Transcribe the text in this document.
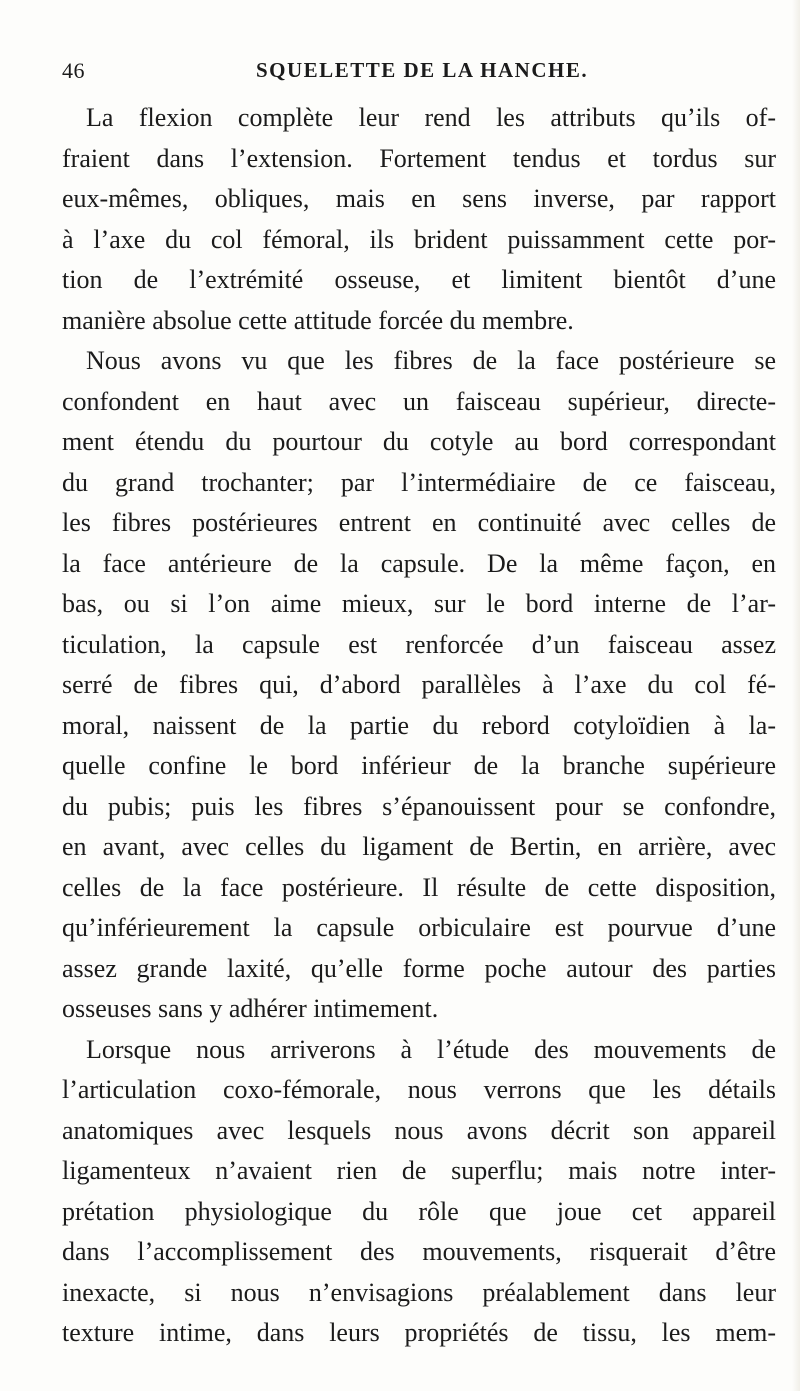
46	SQUELETTE DE LA HANCHE.
La flexion complète leur rend les attributs qu’ils of-
fraient dans l’extension. Fortement tendus et tordus sur
eux-mêmes, obliques, mais en sens inverse, par rapport
à l’axe du col fémoral, ils brident puissamment cette por-
tion de l’extrémité osseuse, et limitent bientôt d’une
manière absolue cette attitude forcée du membre.
Nous avons vu que les fibres de la face postérieure se
confondent en haut avec un faisceau supérieur, directe-
ment étendu du pourtour du cotyle au bord correspondant
du grand trochanter; par l’intermédiaire de ce faisceau,
les fibres postérieures entrent en continuité avec celles de
la face antérieure de la capsule. De la même façon, en
bas, ou si l’on aime mieux, sur le bord interne de l’ar-
ticulation, la capsule est renforcée d’un faisceau assez
serré de fibres qui, d’abord parallèles à l’axe du col fé-
moral, naissent de la partie du rebord cotyloïdien à la-
quelle confine le bord inférieur de la branche supérieure
du pubis; puis les fibres s’épanouissent pour se confondre,
en avant, avec celles du ligament de Bertin, en arrière, avec
celles de la face postérieure. Il résulte de cette disposition,
qu’inférieurement la capsule orbiculaire est pourvue d’une
assez grande laxité, qu’elle forme poche autour des parties
osseuses sans y adhérer intimement.
Lorsque nous arriverons à l’étude des mouvements de
l’articulation coxo-fémorale, nous verrons que les détails
anatomiques avec lesquels nous avons décrit son appareil
ligamenteux n’avaient rien de superflu; mais notre inter-
prétation physiologique du rôle que joue cet appareil
dans l’accomplissement des mouvements, risquerait d’être
inexacte, si nous n’envisagions préalablement dans leur
texture intime, dans leurs propriétés de tissu, les mem-
